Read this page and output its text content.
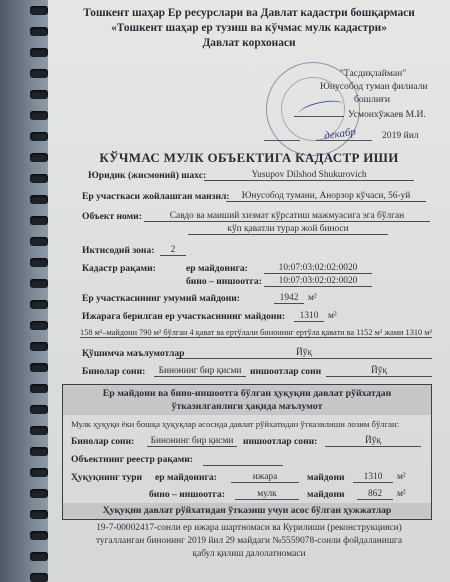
Тошкент шаҳар Ер ресурслари ва Давлат кадастри бошқармаси
«Тошкент шаҳар ер тузиш ва кўчмас мулк кадастри»
Давлат корхонаси
"Тасдиқлайман"
Юнусобод туман филиали
бошлиғи
Усмонхўжаев М.И.
декабр	2019 йил
КЎЧМАС МУЛК ОБЪЕКТИГА КАДАСТР ИШИ
Юридик (жисмоний) шахс:	Yusupov Dilshod Shukurovich
Ер участкаси жойлашган манзил:	Юнусобод тумани, Анорзор кўчаси, 56-уй
Объект номи:	Савдо ва маиший хизмат кўрсатиш мажмуасига эга бўлган
кўп қаватли турар жой биноси
Иктисодий зона:	2
Кадастр рақами:	ер майдонига:	10:07:03:02:02:0020
бино – иншоотга:	10:07:03:02:02:0020
Ер участкасининг умумий майдони:	1942	м²
Ижарага берилган ер участкасининг майдони:	1310	м²
158 м²–майдони 790 м² бўлган 4 қават ва ертўлали бинонинг ертўла қавати ва 1152 м² жами 1310 м²
Қўшимча маълумотлар	Йўқ
Бинолар сони:	Бинонинг бир қисми иншоотлар сони	Йўқ
Ер майдони ва бино-иншоотга бўлган ҳуқуқни давлат рўйхатдан
ўтказилганлиги ҳақида маълумот
Мулк ҳуқуқи ёки бошқа ҳуқуқлар асосида давлат рўйхатидан ўтказилиши лозим бўлган:
Бинолар сони:	Бинонинг бир қисми иншоотлар сони:	Йўқ
Объектнинг реестр рақами:
Ҳуқуқнинг тури ер майдонига:	ижара	майдони	1310	м²
бино – иншоотга:	мулк	майдони	862	м²
Ҳуқуқни давлат рўйхатидан ўтказиш учун асос бўлган ҳужжатлар
19-7-00002417-сонли ер ижара шартномаси ва Курилиши (реконструкцияси)
тугалланган бинонинг 2019 йил 29 майдаги №5559078-сонли фойдаланишга
қабул қилиш далолатномаси
